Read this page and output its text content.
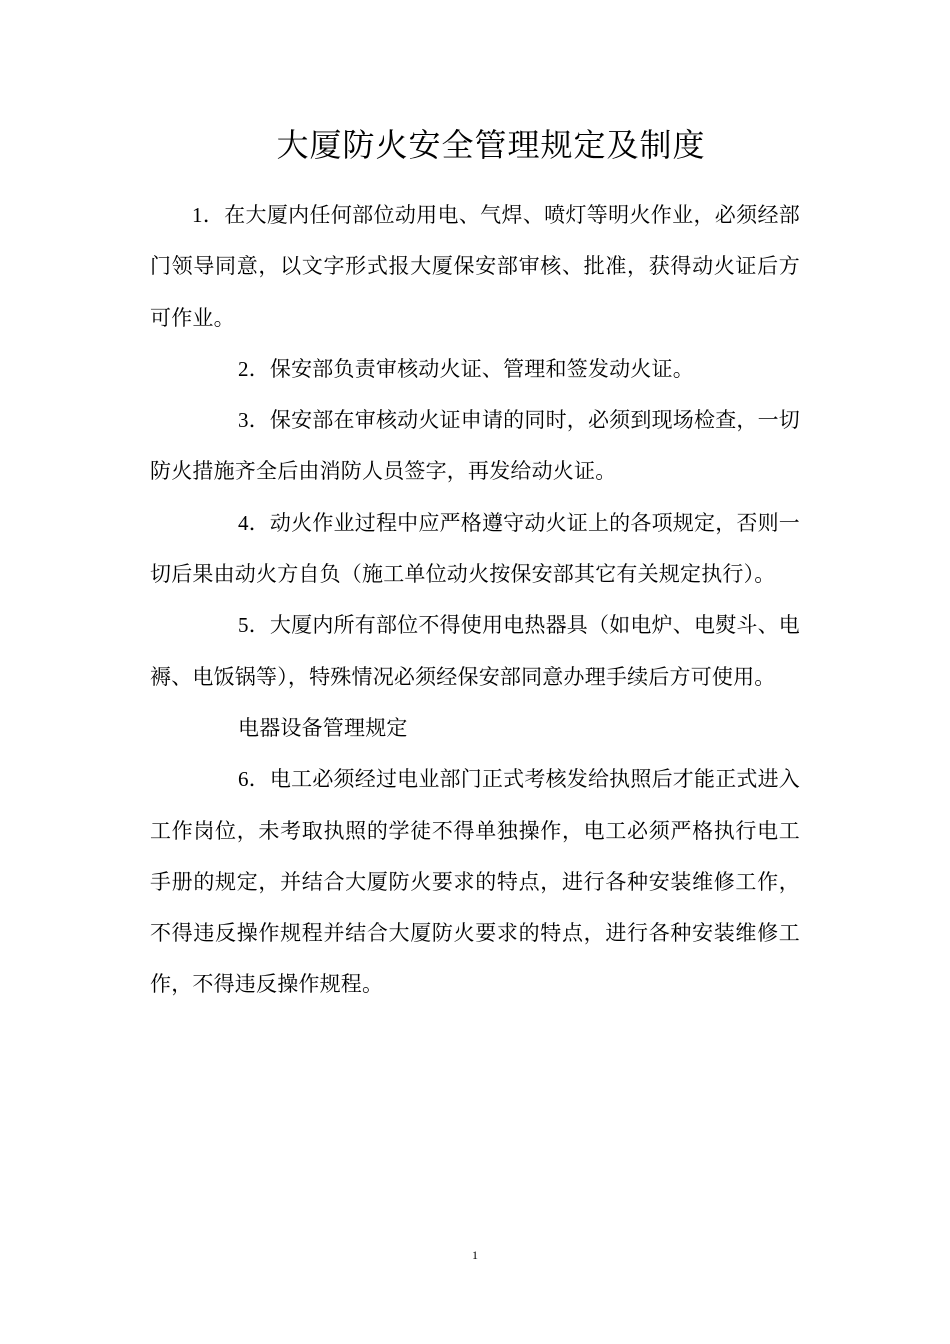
大厦防火安全管理规定及制度

1．在大厦内任何部位动用电、气焊、喷灯等明火作业，必须经部门领导同意，以文字形式报大厦保安部审核、批准，获得动火证后方可作业。

2．保安部负责审核动火证、管理和签发动火证。

3．保安部在审核动火证申请的同时，必须到现场检查，一切防火措施齐全后由消防人员签字，再发给动火证。

4．动火作业过程中应严格遵守动火证上的各项规定，否则一切后果由动火方自负（施工单位动火按保安部其它有关规定执行）。

5．大厦内所有部位不得使用电热器具（如电炉、电熨斗、电褥、电饭锅等），特殊情况必须经保安部同意办理手续后方可使用。

电器设备管理规定

6．电工必须经过电业部门正式考核发给执照后才能正式进入工作岗位，未考取执照的学徒不得单独操作，电工必须严格执行电工手册的规定，并结合大厦防火要求的特点，进行各种安装维修工作，不得违反操作规程并结合大厦防火要求的特点，进行各种安装维修工作，不得违反操作规程。

1
